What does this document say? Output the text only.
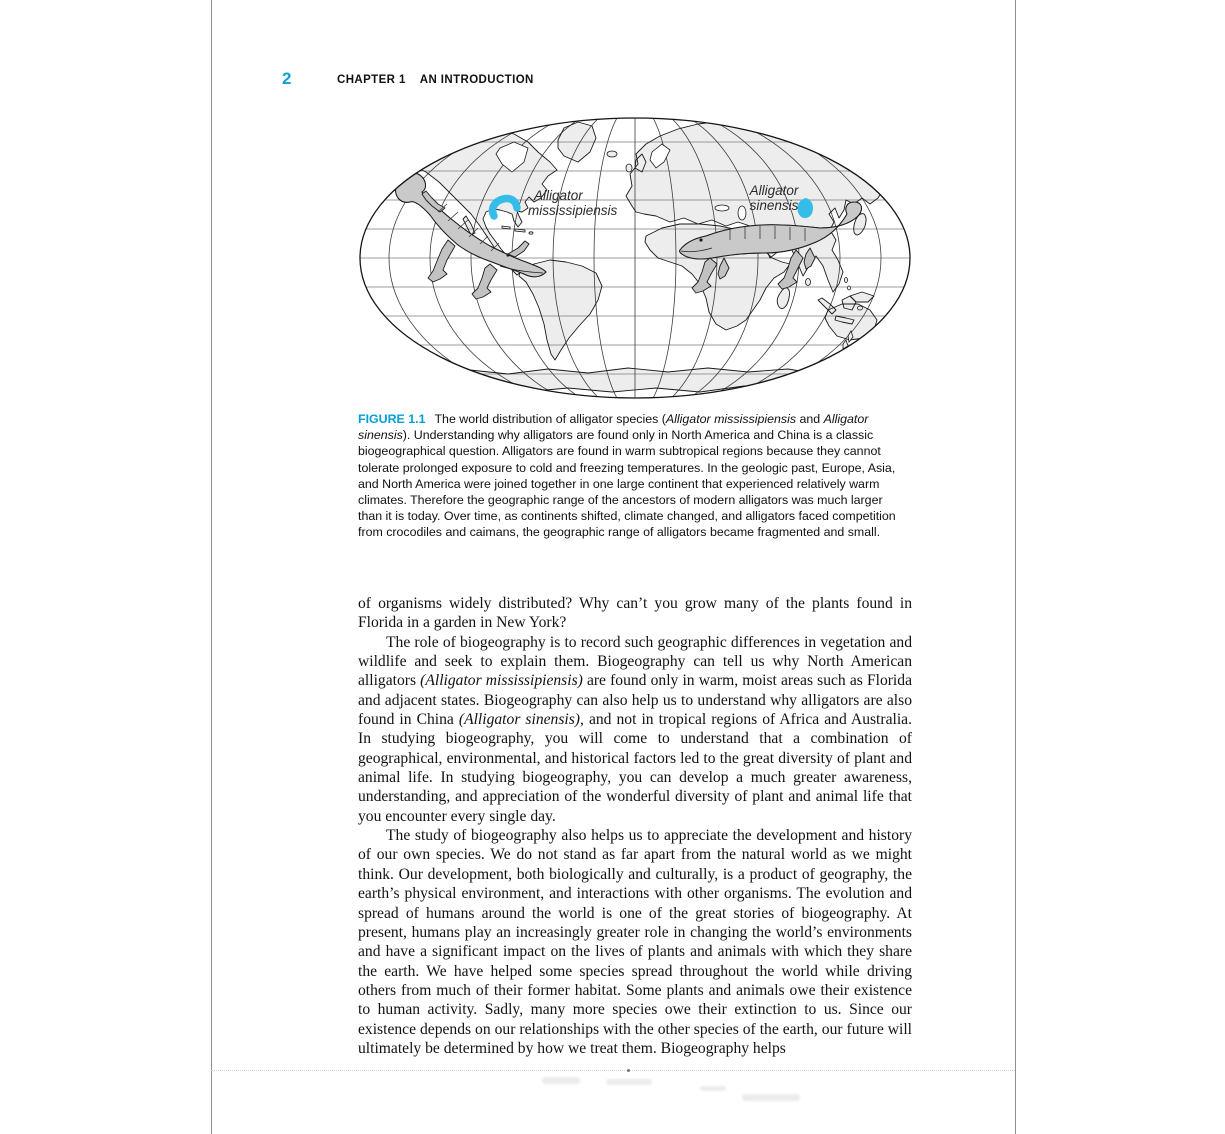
2	CHAPTER 1 AN INTRODUCTION
Alligator
mississipiensis
Alligator
sinensis
FIGURE 1.1 The world distribution of alligator species (Alligator mississipiensis and Alligator sinensis). Understanding why alligators are found only in North America and China is a classic biogeographical question. Alligators are found in warm subtropical regions because they cannot tolerate prolonged exposure to cold and freezing temperatures. In the geologic past, Europe, Asia, and North America were joined together in one large continent that experienced relatively warm climates. Therefore the geographic range of the ancestors of modern alligators was much larger than it is today. Over time, as continents shifted, climate changed, and alligators faced competition from crocodiles and caimans, the geographic range of alligators became fragmented and small.

of organisms widely distributed? Why can’t you grow many of the plants found in Florida in a garden in New York?

The role of biogeography is to record such geographic differences in vegetation and wildlife and seek to explain them. Biogeography can tell us why North American alligators (Alligator mississipiensis) are found only in warm, moist areas such as Florida and adjacent states. Biogeography can also help us to understand why alligators are also found in China (Alligator sinensis), and not in tropical regions of Africa and Australia. In studying biogeography, you will come to understand that a combination of geographical, environmental, and historical factors led to the great diversity of plant and animal life. In studying biogeography, you can develop a much greater awareness, understanding, and appreciation of the wonderful diversity of plant and animal life that you encounter every single day.

The study of biogeography also helps us to appreciate the development and history of our own species. We do not stand as far apart from the natural world as we might think. Our development, both biologically and culturally, is a product of geography, the earth’s physical environment, and interactions with other organisms. The evolution and spread of humans around the world is one of the great stories of biogeography. At present, humans play an increasingly greater role in changing the world’s environments and have a significant impact on the lives of plants and animals with which they share the earth. We have helped some species spread throughout the world while driving others from much of their former habitat. Some plants and animals owe their existence to human activity. Sadly, many more species owe their extinction to us. Since our existence depends on our relationships with the other species of the earth, our future will ultimately be determined by how we treat them. Biogeography helps
